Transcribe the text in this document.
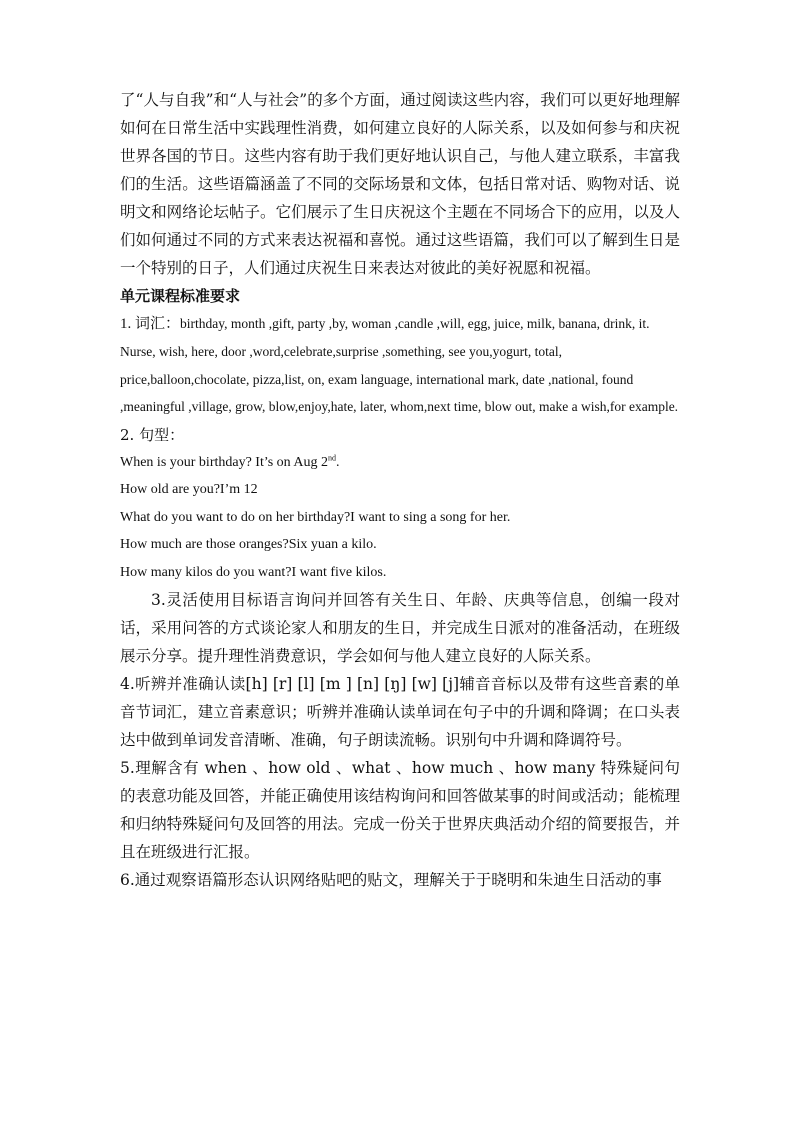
了“人与自我”和“人与社会”的多个方面，通过阅读这些内容，我们可以更好地理解如何在日常生活中实践理性消费，如何建立良好的人际关系，以及如何参与和庆祝世界各国的节日。这些内容有助于我们更好地认识自己，与他人建立联系，丰富我们的生活。这些语篇涵盖了不同的交际场景和文体，包括日常对话、购物对话、说明文和网络论坛帖子。它们展示了生日庆祝这个主题在不同场合下的应用，以及人们如何通过不同的方式来表达祝福和喜悦。通过这些语篇，我们可以了解到生日是一个特别的日子，人们通过庆祝生日来表达对彼此的美好祝愿和祝福。

单元课程标准要求

1. 词汇：birthday, month ,gift, party ,by, woman ,candle ,will, egg, juice, milk, banana, drink, it. Nurse, wish, here, door ,word,celebrate,surprise ,something, see you,yogurt, total, price,balloon,chocolate, pizza,list, on, exam language, international mark, date ,national, found ,meaningful ,village, grow, blow,enjoy,hate, later, whom,next time, blow out, make a wish,for example.

2. 句型：

When is your birthday? It’s on Aug 2nd.

How old are you?I’m 12

What do you want to do on her birthday?I want to sing a song for her.

How much are those oranges?Six yuan a kilo.

How many kilos do you want?I want five kilos.

3.灵活使用目标语言询问并回答有关生日、年龄、庆典等信息，创编一段对话，采用问答的方式谈论家人和朋友的生日，并完成生日派对的准备活动，在班级展示分享。提升理性消费意识，学会如何与他人建立良好的人际关系。

4.听辨并准确认读[h] [r] [l] [m ] [n] [ŋ] [w] [j]辅音音标以及带有这些音素的单音节词汇，建立音素意识；听辨并准确认读单词在句子中的升调和降调；在口头表达中做到单词发音清晰、准确，句子朗读流畅。识别句中升调和降调符号。

5.理解含有 when 、how old 、what 、how much 、how many 特殊疑问句的表意功能及回答，并能正确使用该结构询问和回答做某事的时间或活动；能梳理和归纳特殊疑问句及回答的用法。完成一份关于世界庆典活动介绍的简要报告，并且在班级进行汇报。

6.通过观察语篇形态认识网络贴吧的贴文，理解关于于晓明和朱迪生日活动的事
